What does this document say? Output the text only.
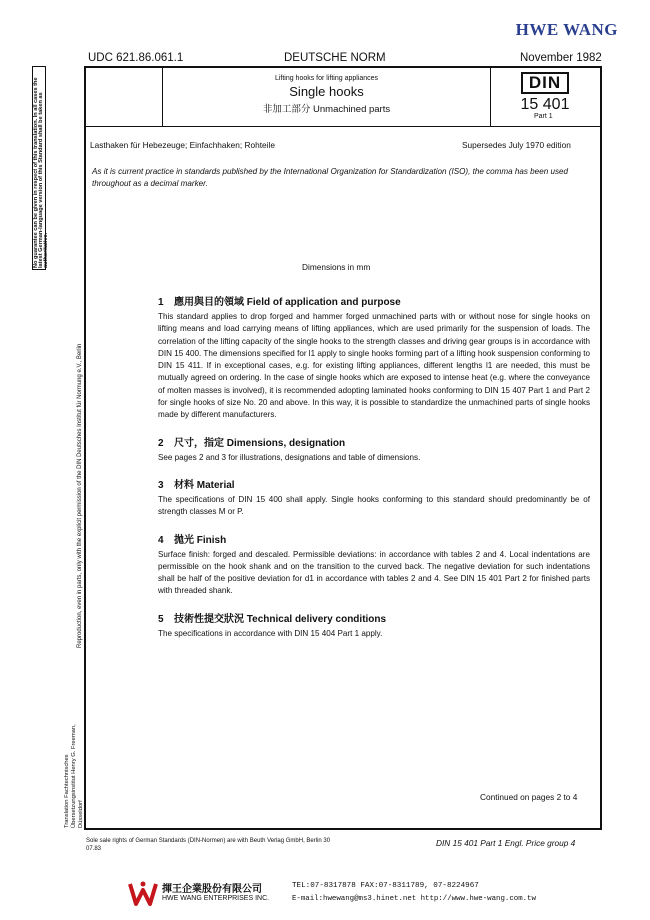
HWE WANG
UDC 621.86.061.1	DEUTSCHE NORM	November 1982
Lifting hooks for lifting appliances
Single hooks
非加工部分 Unmachined parts
DIN
15 401
Part 1
Lasthaken für Hebezeuge; Einfachhaken; Rohteile	Supersedes July 1970 edition
No guarantee can be given in respect of this translation. In all cases the latest German-language version of this Standard shall be taken as authoritative.
Reproduction, even in parts, only with the explicit permission of the DIN Deutsches Institut für Normung e.V., Berlin
Translation Fachtechnisches Übersetzungsinstitut Henry G. Freeman, Düsseldorf
As it is current practice in standards published by the International Organization for Standardization (ISO), the comma has been used throughout as a decimal marker.
Dimensions in mm
1 應用與目的領域 Field of application and purpose
This standard applies to drop forged and hammer forged unmachined parts with or without nose for single hooks on lifting means and load carrying means of lifting appliances, which are used primarily for the suspension of loads. The correlation of the lifting capacity of the single hooks to the strength classes and driving gear groups is in accordance with DIN 15 400. The dimensions specified for l1 apply to single hooks forming part of a lifting hook suspension conforming to DIN 15 411. If in exceptional cases, e.g. for existing lifting appliances, different lengths l1 are needed, this must be mutually agreed on ordering. In the case of single hooks which are exposed to intense heat (e.g. where the conveyance of molten masses is involved), it is recommended adopting laminated hooks conforming to DIN 15 407 Part 1 and Part 2 for single hooks of size No. 20 and above. In this way, it is possible to standardize the unmachined parts of single hooks made by different manufacturers.
2 尺寸，指定 Dimensions, designation
See pages 2 and 3 for illustrations, designations and table of dimensions.
3 材料 Material
The specifications of DIN 15 400 shall apply. Single hooks conforming to this standard should predominantly be of strength classes M or P.
4 拋光 Finish
Surface finish: forged and descaled. Permissible deviations: in accordance with tables 2 and 4. Local indentations are permissible on the hook shank and on the transition to the curved back. The negative deviation for such indentations shall be half of the positive deviation for d1 in accordance with tables 2 and 4. See DIN 15 401 Part 2 for finished parts with threaded shank.
5 技術性提交狀況 Technical delivery conditions
The specifications in accordance with DIN 15 404 Part 1 apply.
Continued on pages 2 to 4
Sole sale rights of German Standards (DIN-Normen) are with Beuth Verlag GmbH, Berlin 30
07.83
DIN 15 401 Part 1 Engl. Price group 4
揮王企業股份有限公司
HWE WANG ENTERPRISES INC.
TEL:07-8317878 FAX:07-8311789, 07-8224967
E-mail:hwewang@ms3.hinet.net http://www.hwe-wang.com.tw
